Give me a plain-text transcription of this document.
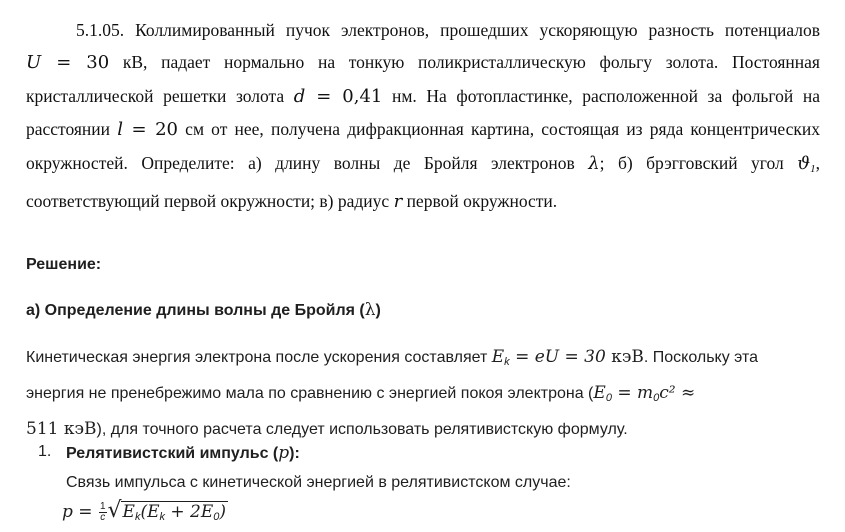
5.1.05. Коллимированный пучок электронов, прошедших ускоряющую разность потенциалов
U = 30 кВ, падает нормально на тонкую поликристаллическую фольгу золота. Постоянная
кристаллической решетки золота d = 0,41 нм. На фотопластинке, расположенной за фольгой на
расстоянии l = 20 см от нее, получена дифракционная картина, состоящая из ряда концентрических
окружностей. Определите: а) длину волны де Бройля электронов λ; б) брэгговский угол $ϑ_1$,
соответствующий первой окружности; в) радиус r первой окружности.
Решение:
а) Определение длины волны де Бройля (λ)
Кинетическая энергия электрона после ускорения составляет $E_k$ = eU = 30 кэВ. Поскольку эта
энергия не пренебрежимо мала по сравнению с энергией покоя электрона ($E_0 = m_0c^2$ ≈
511 кэВ), для точного расчета следует использовать релятивистскую формулу.
1. Релятивистский импульс (p):
Связь импульса с кинетической энергией в релятивистском случае:
$p = \frac{1}{c} √E_k(E_k + 2E_0)$
